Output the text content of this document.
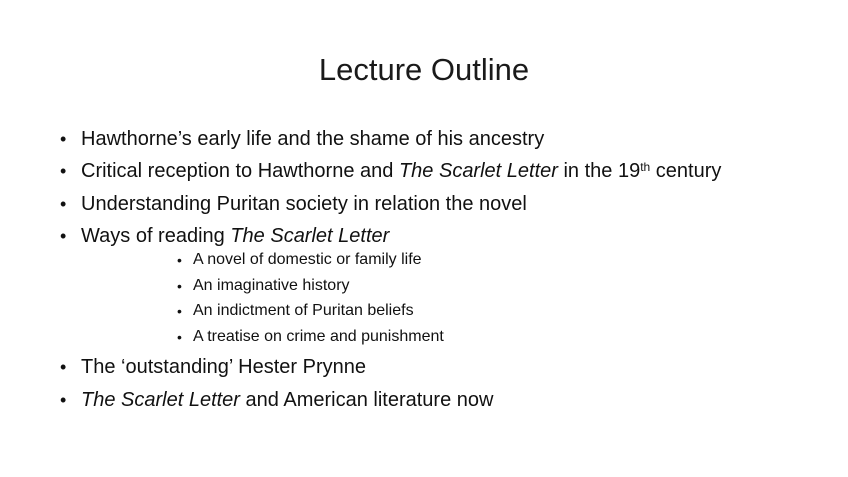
Lecture Outline
• Hawthorne’s early life and the shame of his ancestry
• Critical reception to Hawthorne and The Scarlet Letter in the 19th century
• Understanding Puritan society in relation the novel
• Ways of reading The Scarlet Letter
• A novel of domestic or family life
• An imaginative history
• An indictment of Puritan beliefs
• A treatise on crime and punishment
• The ‘outstanding’ Hester Prynne
• The Scarlet Letter and American literature now
